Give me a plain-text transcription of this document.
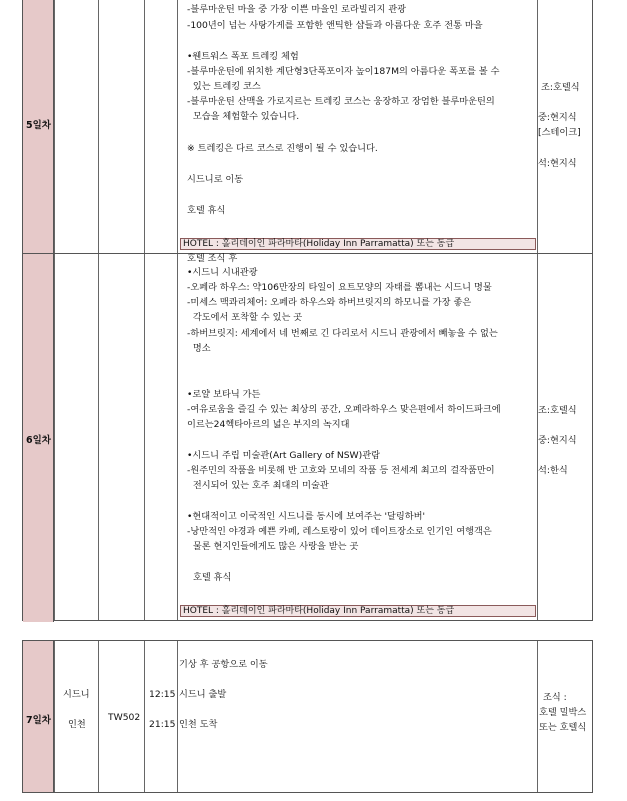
5일차
6일차
-블루마운틴 마을 중 가장 이쁜 마을인 로라빌리지 관광
-100년이 넘는 사탕가게를 포함한 앤틱한 샵들과 아름다운 호주 전통 마을
•웬트워스 폭포 트레킹 체험
-블루마운틴에 위치한 계단형3단폭포이자 높이187M의 아름다운 폭포를 볼 수
있는 트레킹 코스
-블루마운틴 산맥을 가로지르는 트레킹 코스는 웅장하고 장엄한 블루마운틴의
모습을 체험할수 있습니다.
※ 트레킹은 다르 코스로 진행이 될 수 있습니다.
시드니로 이동
호텔 휴식
HOTEL : 홀리데이인 파라마타(Holiday Inn Parramatta) 또는 동급
조:호텔식
중:현지식
[스테이크]
석:현지식
호텔 조식 후
•시드니 시내관광
-오페라 하우스: 약106만장의 타일이 요트모양의 자태를 뽐내는 시드니 명물
-미세스 맥콰리체어: 오페라 하우스와 하버브릿지의 하모니를 가장 좋은
각도에서 포착할 수 있는 곳
-하버브릿지: 세계에서 네 번째로 긴 다리로서 시드니 관광에서 빼놓을 수 없는
명소
•로얄 보타닉 가든
-여유로움을 즐길 수 있는 최상의 공간, 오페라하우스 맞은편에서 하이드파크에
이르는24헥타아르의 넓은 부지의 녹지대
•시드니 주립 미술관(Art Gallery of NSW)관람
-원주민의 작품을 비롯해 반 고흐와 모네의 작품 등 전세계 최고의 걸작품만이
전시되어 있는 호주 최대의 미술관
•현대적이고 이국적인 시드니를 동시에 보여주는 '달링하버'
-낭만적인 야경과 예쁜 카페, 레스토랑이 있어 데이트장소로 인기인 여행객은
물론 현지인들에게도 많은 사랑을 받는 곳
호텔 휴식
HOTEL : 홀리데이인 파라마타(Holiday Inn Parramatta) 또는 동급
조:호텔식
중:현지식
석:한식
7일차
시드니
인천
TW502
12:15
21:15
기상 후 공항으로 이동
시드니 출발
인천 도착
조식 :
호텔 밀박스
또는 호텔식
